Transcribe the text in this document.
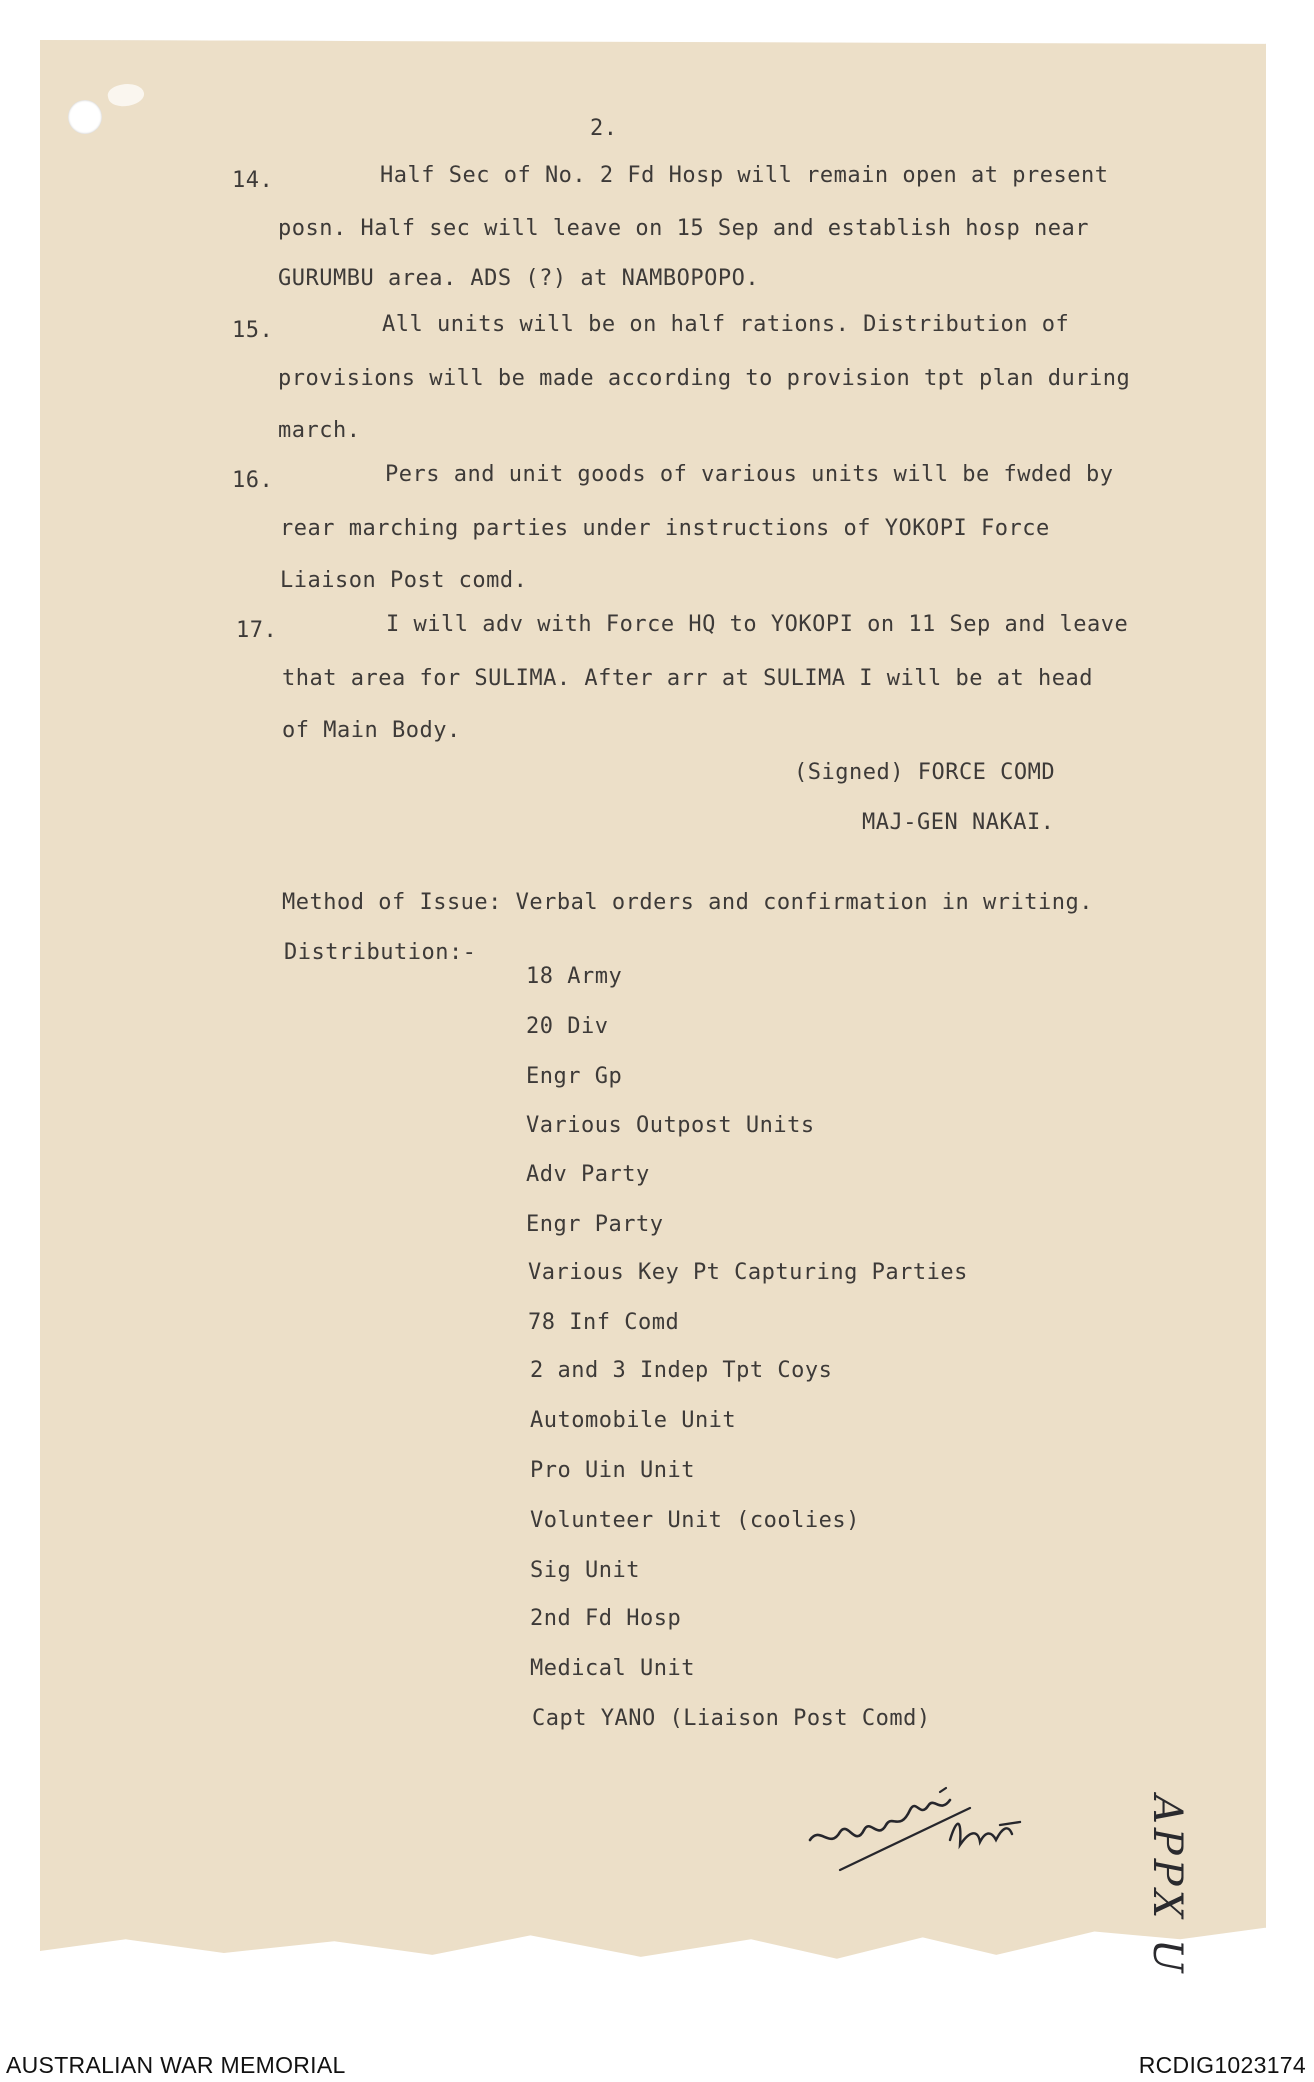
2.
14.	Half Sec of No. 2 Fd Hosp will remain open at present
posn. Half sec will leave on 15 Sep and establish hosp near
GURUMBU area. ADS (?) at NAMBOPOPO.
15.	All units will be on half rations. Distribution of
provisions will be made according to provision tpt plan during
march.
16.	Pers and unit goods of various units will be fwded by
rear marching parties under instructions of YOKOPI Force
Liaison Post comd.
17.	I will adv with Force HQ to YOKOPI on 11 Sep and leave
that area for SULIMA. After arr at SULIMA I will be at head
of Main Body.
(Signed) FORCE COMD
MAJ-GEN NAKAI.
Method of Issue: Verbal orders and confirmation in writing.
Distribution:-
18 Army
20 Div
Engr Gp
Various Outpost Units
Adv Party
Engr Party
Various Key Pt Capturing Parties
78 Inf Comd
2 and 3 Indep Tpt Coys
Automobile Unit
Pro Uin Unit
Volunteer Unit (coolies)
Sig Unit
2nd Fd Hosp
Medical Unit
Capt YANO (Liaison Post Comd)
APPX U
AUSTRALIAN WAR MEMORIAL	RCDIG1023174
